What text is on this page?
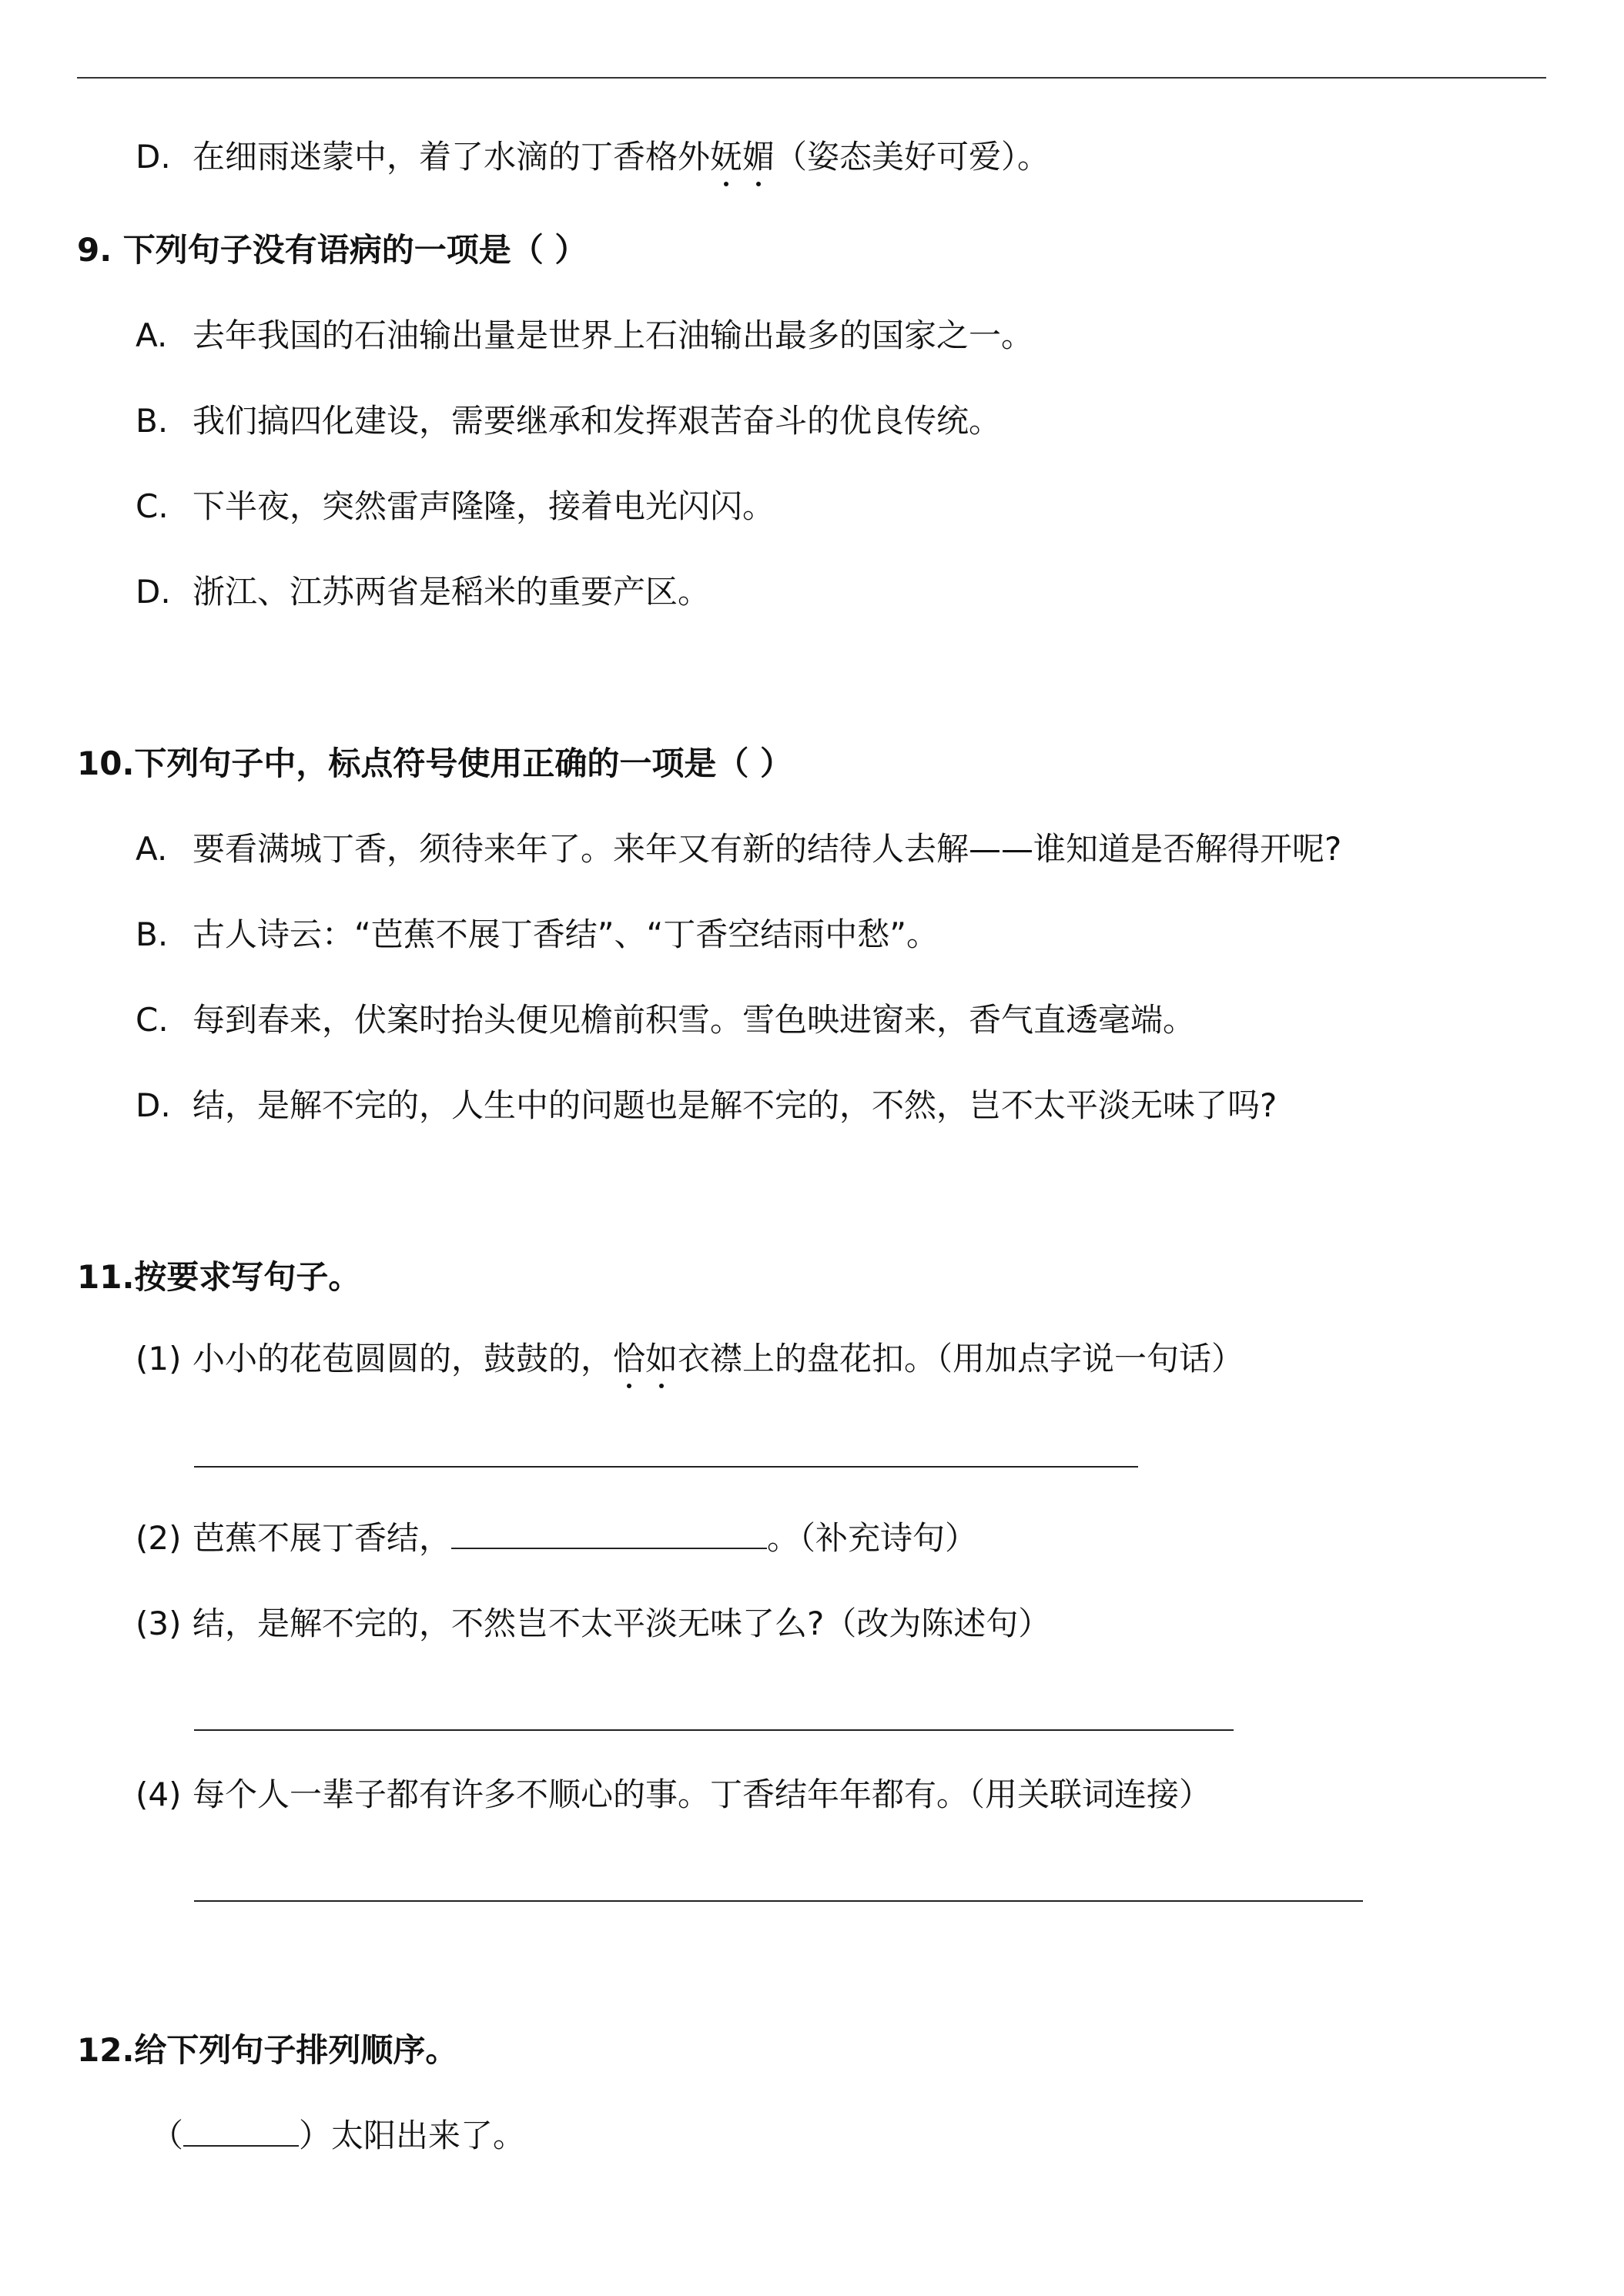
D. 在细雨迷蒙中，着了水滴的丁香格外妩
媚
（姿态美好可爱）。
9. 下列句子没有语病的一项是（ ）
A. 去年我国的石油输出量是世界上石油输出最多的国家之一。
B. 我们搞四化建设，需要继承和发挥艰苦奋斗的优良传统。
C. 下半夜，突然雷声隆隆，接着电光闪闪。
D. 浙江、江苏两省是稻米的重要产区。
10.下列句子中，标点符号使用正确的一项是（ ）
A. 要看满城丁香，须待来年了。来年又有新的结待人去解——谁知道是否解得开呢?
B. 古人诗云：“芭蕉不展丁香结”、“丁香空结雨中愁”。
C. 每到春来，伏案时抬头便见檐前积雪。雪色映进窗来，香气直透毫端。
D. 结，是解不完的，人生中的问题也是解不完的，不然，岂不太平淡无味了吗?
11.按要求写句子。
(1) 小小的花苞圆圆的，鼓鼓的，恰
如
衣襟上的盘花扣。（用加点字说一句话）
(2) 芭蕉不展丁香结，	。（补充诗句）
(3) 结，是解不完的，不然岂不太平淡无味了么?（改为陈述句）
(4) 每个人一辈子都有许多不顺心的事。丁香结年年都有。（用关联词连接）
12.给下列句子排列顺序。
（	）太阳出来了。
